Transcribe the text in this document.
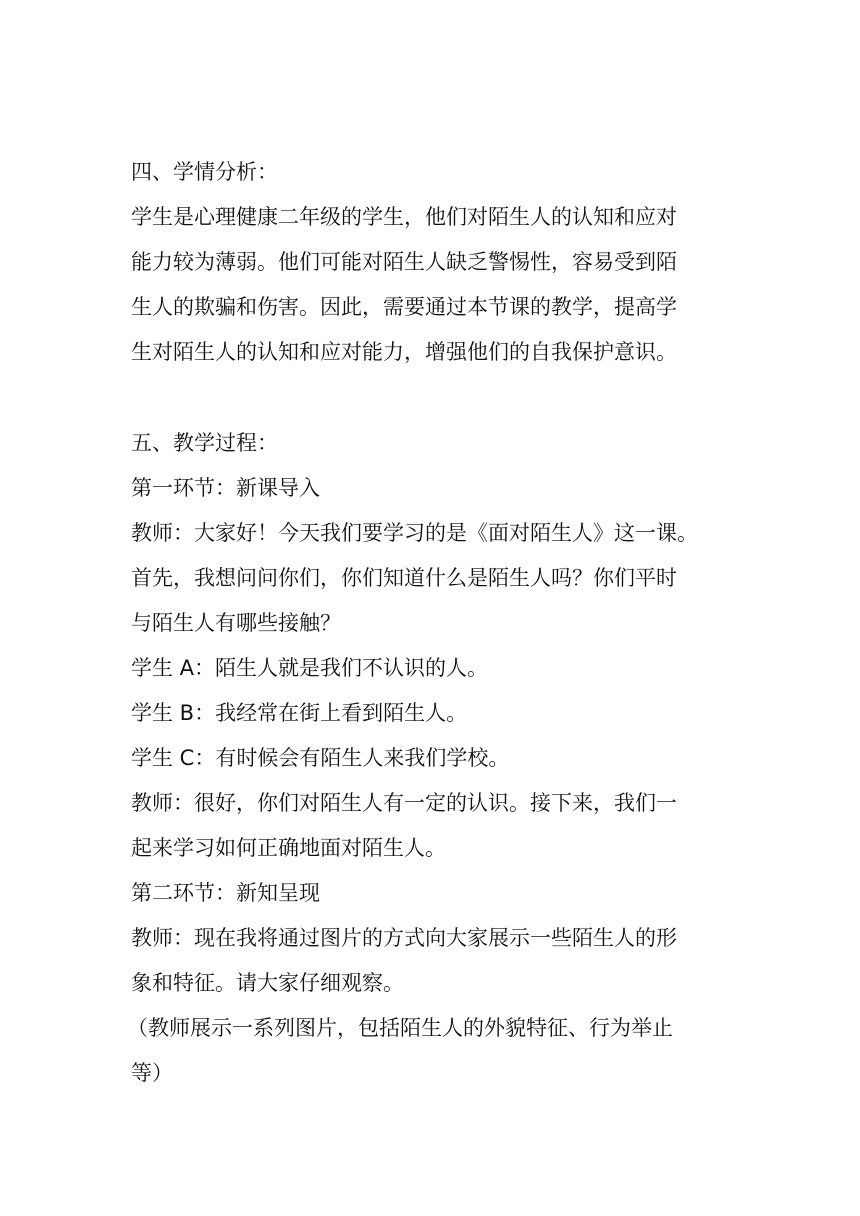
四、学情分析：
学生是心理健康二年级的学生，他们对陌生人的认知和应对
能力较为薄弱。他们可能对陌生人缺乏警惕性，容易受到陌
生人的欺骗和伤害。因此，需要通过本节课的教学，提高学
生对陌生人的认知和应对能力，增强他们的自我保护意识。
五、教学过程：
第一环节：新课导入
教师：大家好！今天我们要学习的是《面对陌生人》这一课。
首先，我想问问你们，你们知道什么是陌生人吗？你们平时
与陌生人有哪些接触？
学生 A：陌生人就是我们不认识的人。
学生 B：我经常在街上看到陌生人。
学生 C：有时候会有陌生人来我们学校。
教师：很好，你们对陌生人有一定的认识。接下来，我们一
起来学习如何正确地面对陌生人。
第二环节：新知呈现
教师：现在我将通过图片的方式向大家展示一些陌生人的形
象和特征。请大家仔细观察。
（教师展示一系列图片，包括陌生人的外貌特征、行为举止
等）
